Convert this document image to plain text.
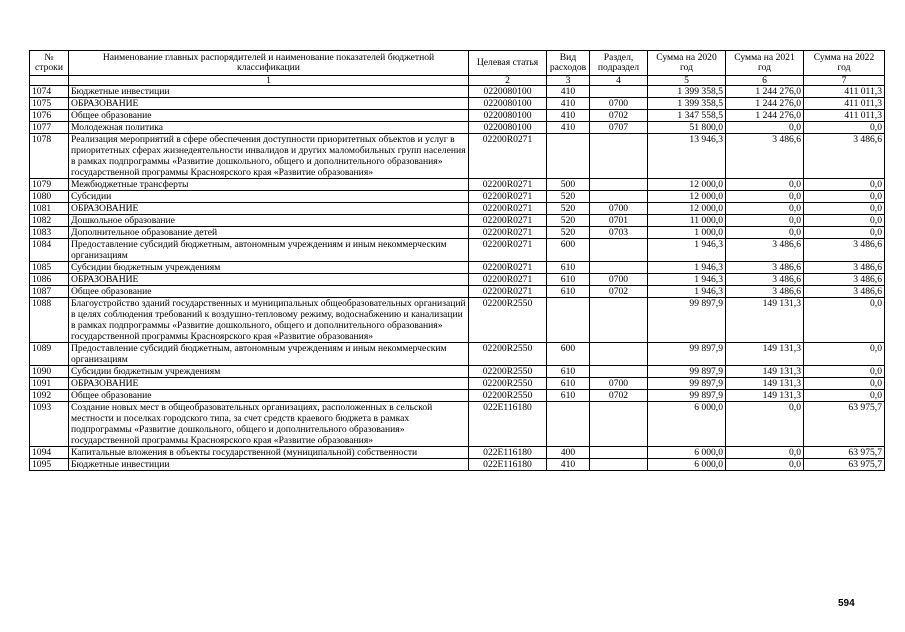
№ строки	Наименование главных распорядителей и наименование показателей бюджетной классификации	Целевая статья	Вид расходов	Раздел, подраздел	Сумма на 2020 год	Сумма на 2021 год	Сумма на 2022 год
	1	2	3	4	5	6	7
1074	Бюджетные инвестиции	0220080100	410		1 399 358,5	1 244 276,0	411 011,3
1075	ОБРАЗОВАНИЕ	0220080100	410	0700	1 399 358,5	1 244 276,0	411 011,3
1076	Общее образование	0220080100	410	0702	1 347 558,5	1 244 276,0	411 011,3
1077	Молодежная политика	0220080100	410	0707	51 800,0	0,0	0,0
1078	Реализация мероприятий в сфере обеспечения доступности приоритетных объектов и услуг в приоритетных сферах жизнедеятельности инвалидов и других маломобильных групп населения в рамках подпрограммы «Развитие дошкольного, общего и дополнительного образования» государственной программы Красноярского края «Развитие образования»	02200R0271			13 946,3	3 486,6	3 486,6
1079	Межбюджетные трансферты	02200R0271	500		12 000,0	0,0	0,0
1080	Субсидии	02200R0271	520		12 000,0	0,0	0,0
1081	ОБРАЗОВАНИЕ	02200R0271	520	0700	12 000,0	0,0	0,0
1082	Дошкольное образование	02200R0271	520	0701	11 000,0	0,0	0,0
1083	Дополнительное образование детей	02200R0271	520	0703	1 000,0	0,0	0,0
1084	Предоставление субсидий бюджетным, автономным учреждениям и иным некоммерческим организациям	02200R0271	600		1 946,3	3 486,6	3 486,6
1085	Субсидии бюджетным учреждениям	02200R0271	610		1 946,3	3 486,6	3 486,6
1086	ОБРАЗОВАНИЕ	02200R0271	610	0700	1 946,3	3 486,6	3 486,6
1087	Общее образование	02200R0271	610	0702	1 946,3	3 486,6	3 486,6
1088	Благоустройство зданий государственных и муниципальных общеобразовательных организаций в целях соблюдения требований к воздушно-тепловому режиму, водоснабжению и канализации в рамках подпрограммы «Развитие дошкольного, общего и дополнительного образования» государственной программы Красноярского края «Развитие образования»	02200R2550			99 897,9	149 131,3	0,0
1089	Предоставление субсидий бюджетным, автономным учреждениям и иным некоммерческим организациям	02200R2550	600		99 897,9	149 131,3	0,0
1090	Субсидии бюджетным учреждениям	02200R2550	610		99 897,9	149 131,3	0,0
1091	ОБРАЗОВАНИЕ	02200R2550	610	0700	99 897,9	149 131,3	0,0
1092	Общее образование	02200R2550	610	0702	99 897,9	149 131,3	0,0
1093	Создание новых мест в общеобразовательных организациях, расположенных в сельской местности и поселках городского типа, за счет средств краевого бюджета в рамках подпрограммы «Развитие дошкольного, общего и дополнительного образования» государственной программы Красноярского края «Развитие образования»	022E116180			6 000,0	0,0	63 975,7
1094	Капитальные вложения в объекты государственной (муниципальной) собственности	022E116180	400		6 000,0	0,0	63 975,7
1095	Бюджетные инвестиции	022E116180	410		6 000,0	0,0	63 975,7
594
